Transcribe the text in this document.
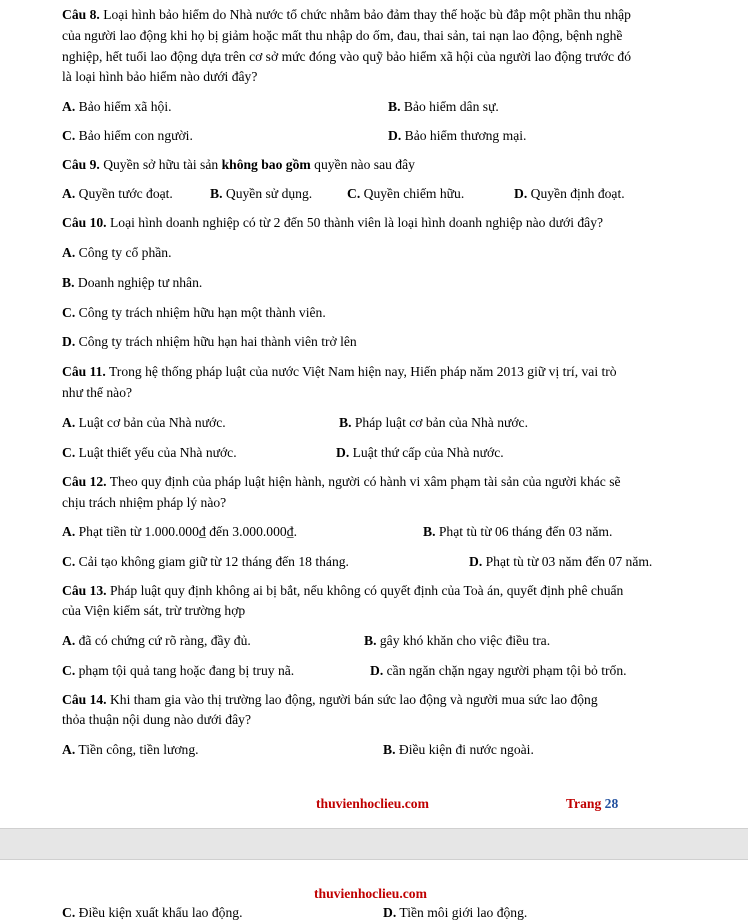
Câu 8. Loại hình bảo hiểm do Nhà nước tổ chức nhằm bảo đảm thay thế hoặc bù đắp một phần thu nhập
của người lao động khi họ bị giảm hoặc mất thu nhập do ốm, đau, thai sản, tai nạn lao động, bệnh nghề
nghiệp, hết tuổi lao động dựa trên cơ sở mức đóng vào quỹ bảo hiểm xã hội của người lao động trước đó
là loại hình bảo hiểm nào dưới đây?
A. Bảo hiểm xã hội.	B. Bảo hiểm dân sự.
C. Bảo hiểm con người.	D. Bảo hiểm thương mại.
Câu 9. Quyền sở hữu tài sản không bao gồm quyền nào sau đây
A. Quyền tước đoạt.	B. Quyền sử dụng.	C. Quyền chiếm hữu.	D. Quyền định đoạt.
Câu 10. Loại hình doanh nghiệp có từ 2 đến 50 thành viên là loại hình doanh nghiệp nào dưới đây?
A. Công ty cổ phần.
B. Doanh nghiệp tư nhân.
C. Công ty trách nhiệm hữu hạn một thành viên.
D. Công ty trách nhiệm hữu hạn hai thành viên trở lên
Câu 11. Trong hệ thống pháp luật của nước Việt Nam hiện nay, Hiến pháp năm 2013 giữ vị trí, vai trò
như thế nào?
A. Luật cơ bản của Nhà nước.	B. Pháp luật cơ bản của Nhà nước.
C. Luật thiết yếu của Nhà nước.	D. Luật thứ cấp của Nhà nước.
Câu 12. Theo quy định của pháp luật hiện hành, người có hành vi xâm phạm tài sản của người khác sẽ
chịu trách nhiệm pháp lý nào?
A. Phạt tiền từ 1.000.000₫ đến 3.000.000₫.	B. Phạt tù từ 06 tháng đến 03 năm.
C. Cải tạo không giam giữ từ 12 tháng đến 18 tháng.	D. Phạt tù từ 03 năm đến 07 năm.
Câu 13. Pháp luật quy định không ai bị bắt, nếu không có quyết định của Toà án, quyết định phê chuẩn
của Viện kiểm sát, trừ trường hợp
A. đã có chứng cứ rõ ràng, đầy đủ.	B. gây khó khăn cho việc điều tra.
C. phạm tội quả tang hoặc đang bị truy nã.	D. cần ngăn chặn ngay người phạm tội bỏ trốn.
Câu 14. Khi tham gia vào thị trường lao động, người bán sức lao động và người mua sức lao động
thỏa thuận nội dung nào dưới đây?
A. Tiền công, tiền lương.	B. Điều kiện đi nước ngoài.
thuvienhoclieu.com	Trang 28
thuvienhoclieu.com
C. Điều kiện xuất khẩu lao động.	D. Tiền môi giới lao động.
